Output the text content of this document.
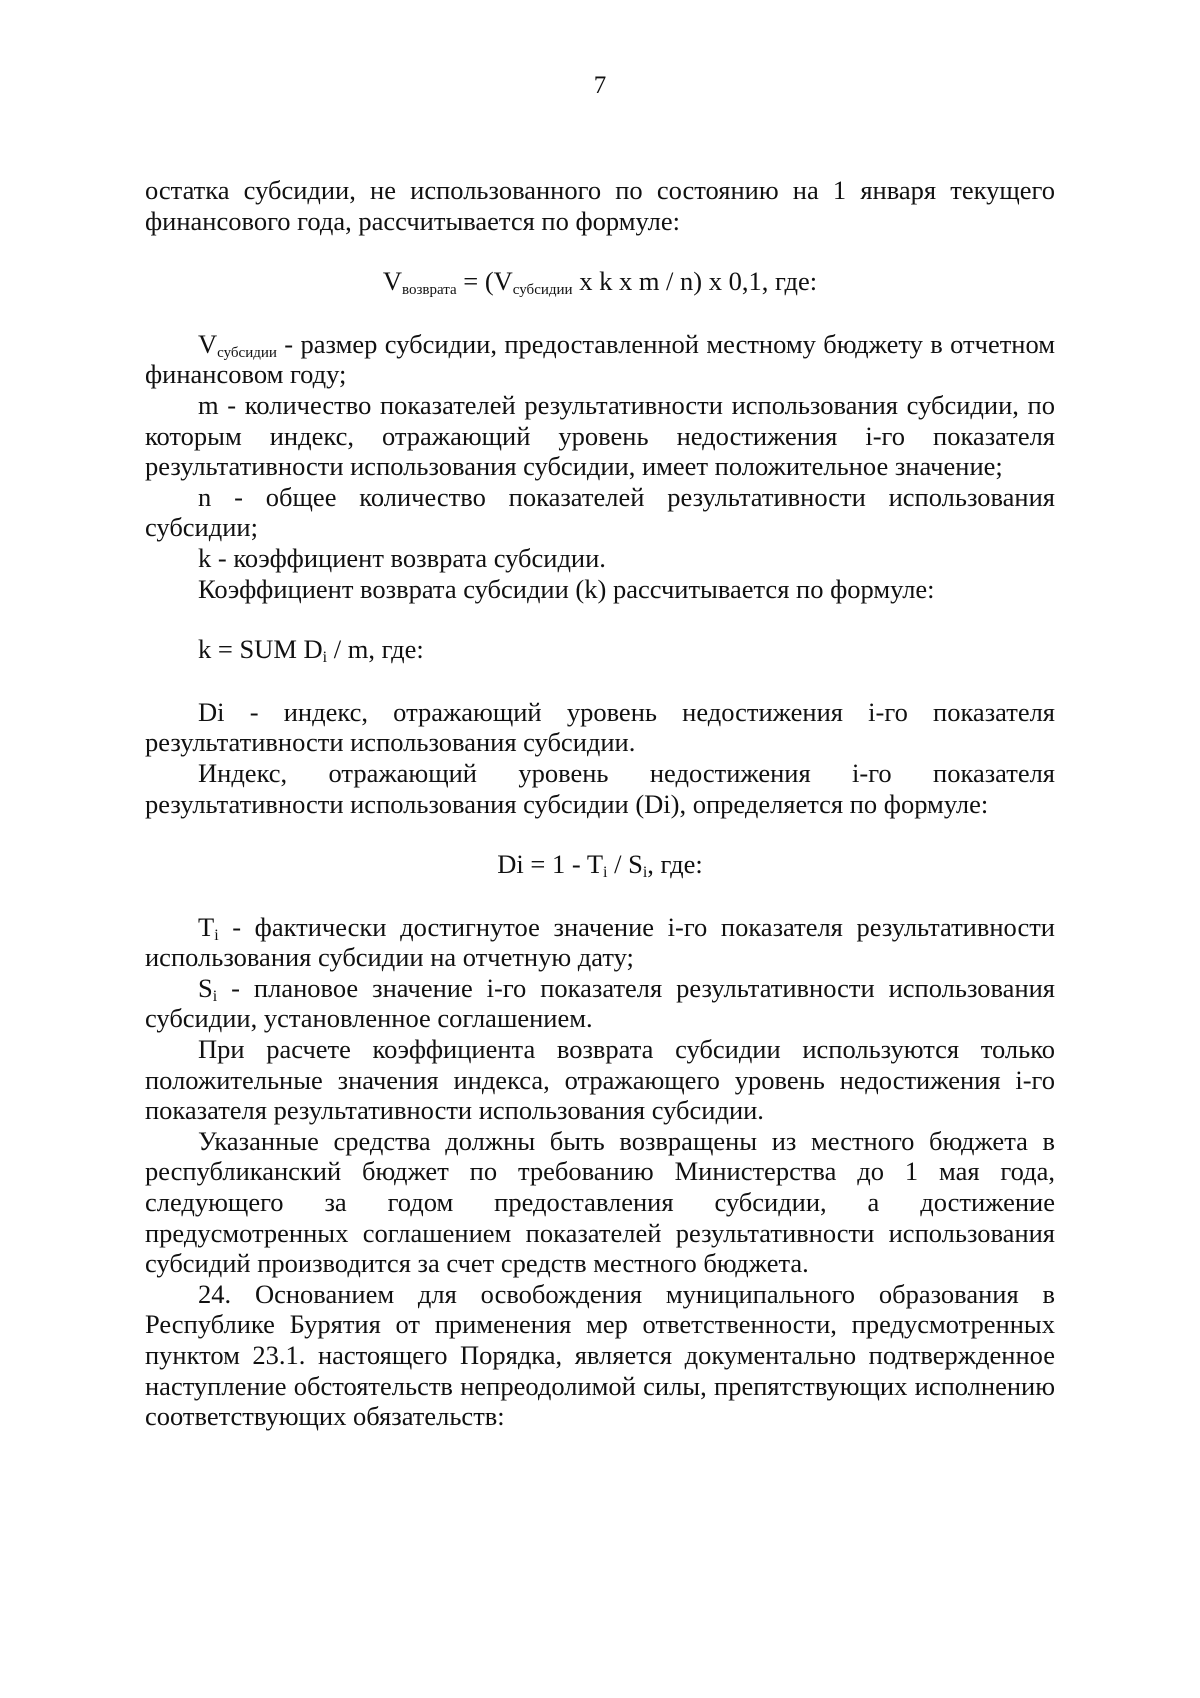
7

остатка субсидии, не использованного по состоянию на 1 января текущего финансового года, рассчитывается по формуле:

$V_{возврата} = (V_{субсидии}$ x k x m / n) x 0,1, где:

$V_{субсидии}$ - размер субсидии, предоставленной местному бюджету в отчетном финансовом году;

m - количество показателей результативности использования субсидии, по которым индекс, отражающий уровень недостижения i-го показателя результативности использования субсидии, имеет положительное значение;

n - общее количество показателей результативности использования субсидии;

k - коэффициент возврата субсидии.

Коэффициент возврата субсидии (k) рассчитывается по формуле:

k = SUM $D_i$ / m, где:

Di - индекс, отражающий уровень недостижения i-го показателя результативности использования субсидии.

Индекс, отражающий уровень недостижения i-го показателя результативности использования субсидии (Di), определяется по формуле:

$Di = 1 - T_i / S_i$, где:

$T_i$ - фактически достигнутое значение i-го показателя результативности использования субсидии на отчетную дату;

$S_i$ - плановое значение i-го показателя результативности использования субсидии, установленное соглашением.

При расчете коэффициента возврата субсидии используются только положительные значения индекса, отражающего уровень недостижения i-го показателя результативности использования субсидии.

Указанные средства должны быть возвращены из местного бюджета в республиканский бюджет по требованию Министерства до 1 мая года, следующего за годом предоставления субсидии, а достижение предусмотренных соглашением показателей результативности использования субсидий производится за счет средств местного бюджета.

24. Основанием для освобождения муниципального образования в Республике Бурятия от применения мер ответственности, предусмотренных пунктом 23.1. настоящего Порядка, является документально подтвержденное наступление обстоятельств непреодолимой силы, препятствующих исполнению соответствующих обязательств:
